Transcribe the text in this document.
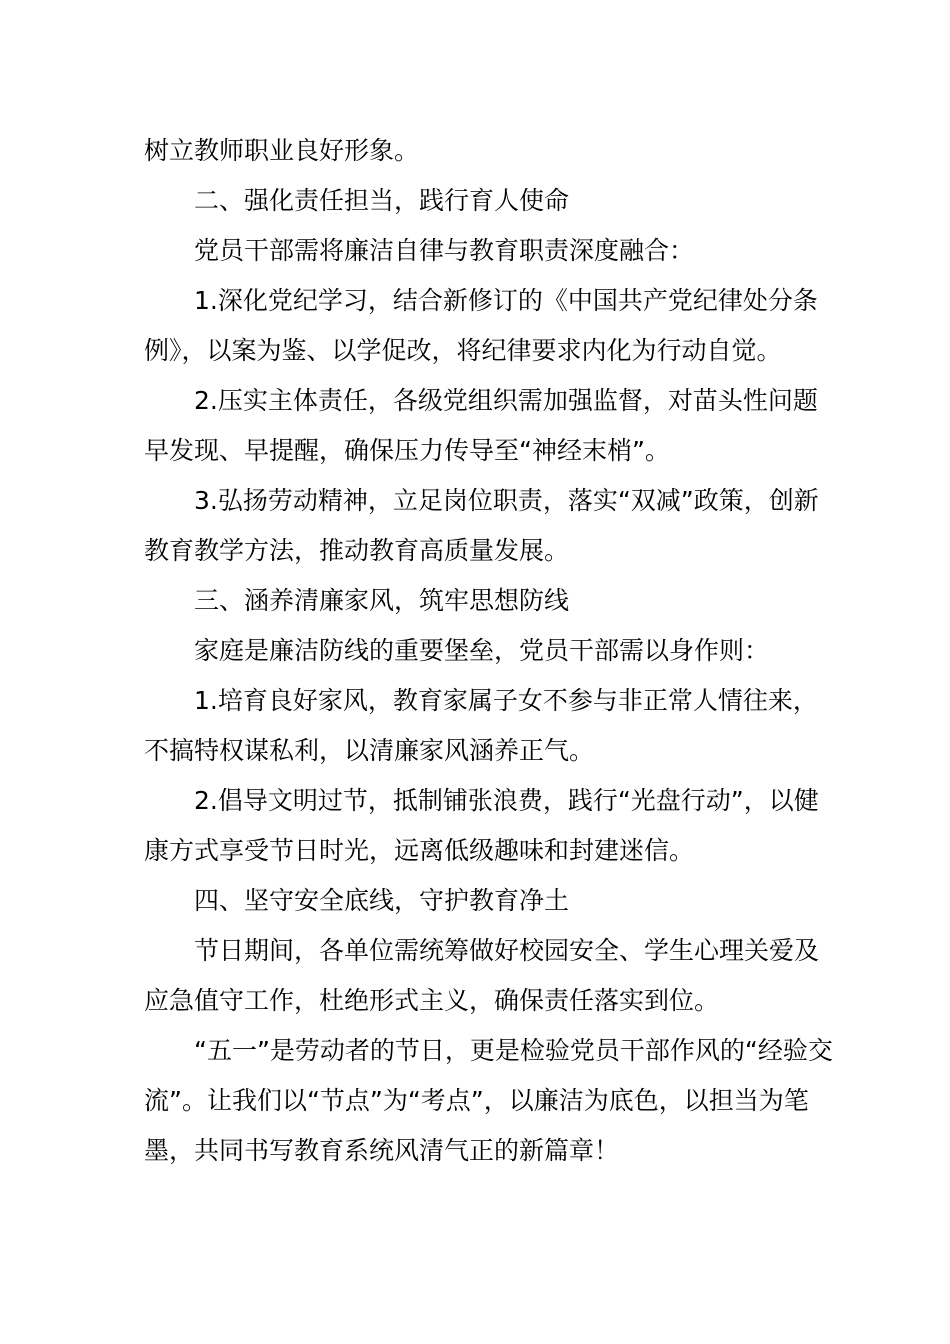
树立教师职业良好形象。

二、强化责任担当，践行育人使命

党员干部需将廉洁自律与教育职责深度融合：

1.深化党纪学习，结合新修订的《中国共产党纪律处分条例》，以案为鉴、以学促改，将纪律要求内化为行动自觉。

2.压实主体责任，各级党组织需加强监督，对苗头性问题早发现、早提醒，确保压力传导至“神经末梢”。

3.弘扬劳动精神，立足岗位职责，落实“双减”政策，创新教育教学方法，推动教育高质量发展。

三、涵养清廉家风，筑牢思想防线

家庭是廉洁防线的重要堡垒，党员干部需以身作则：

1.培育良好家风，教育家属子女不参与非正常人情往来，不搞特权谋私利，以清廉家风涵养正气。

2.倡导文明过节，抵制铺张浪费，践行“光盘行动”，以健康方式享受节日时光，远离低级趣味和封建迷信。

四、坚守安全底线，守护教育净土

节日期间，各单位需统筹做好校园安全、学生心理关爱及应急值守工作，杜绝形式主义，确保责任落实到位。

“五一”是劳动者的节日，更是检验党员干部作风的“经验交流”。让我们以“节点”为“考点”，以廉洁为底色，以担当为笔墨，共同书写教育系统风清气正的新篇章！
